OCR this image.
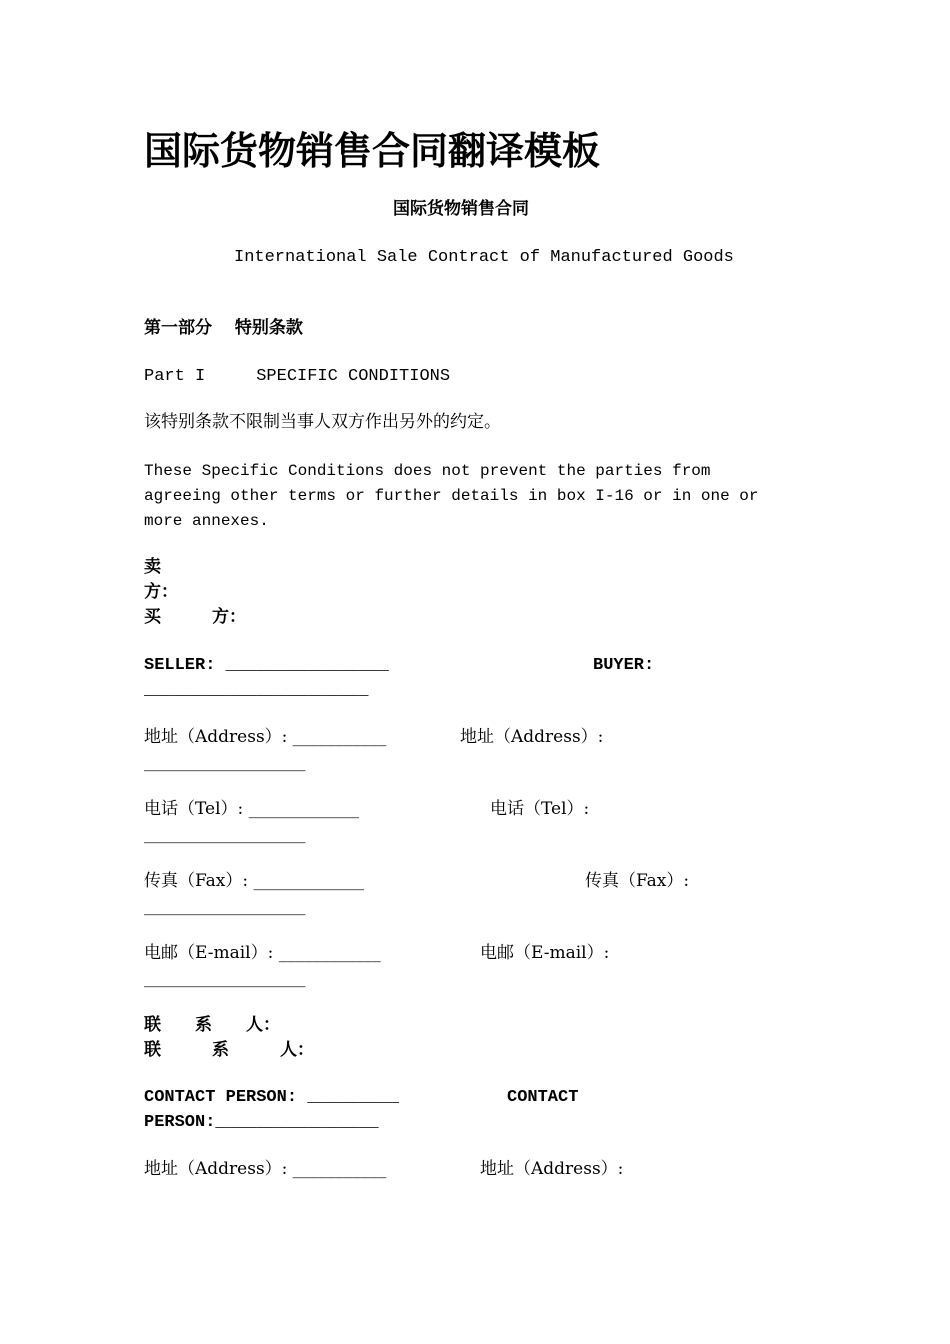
国际货物销售合同翻译模板
国际货物销售合同
International Sale Contract of Manufactured Goods
第一部分　 特别条款
Part I     SPECIFIC CONDITIONS
该特别条款不限制当事人双方作出另外的约定。
These Specific Conditions does not prevent the parties from
agreeing other terms or further details in box I-16 or in one or
more annexes.
卖
方：
买　　　方：
SELLER: ________________	BUYER:
______________________
地址（Address）: ___________	地址（Address）:
___________________
电话（Tel）: _____________	电话（Tel）:
___________________
传真（Fax）: _____________	传真（Fax）:
___________________
电邮（E-mail）: ____________	电邮（E-mail）:
___________________
联　　系　　人：
联　　　系　　　人：
CONTACT PERSON: _________	CONTACT
PERSON:________________
地址（Address）: ___________	地址（Address）:
